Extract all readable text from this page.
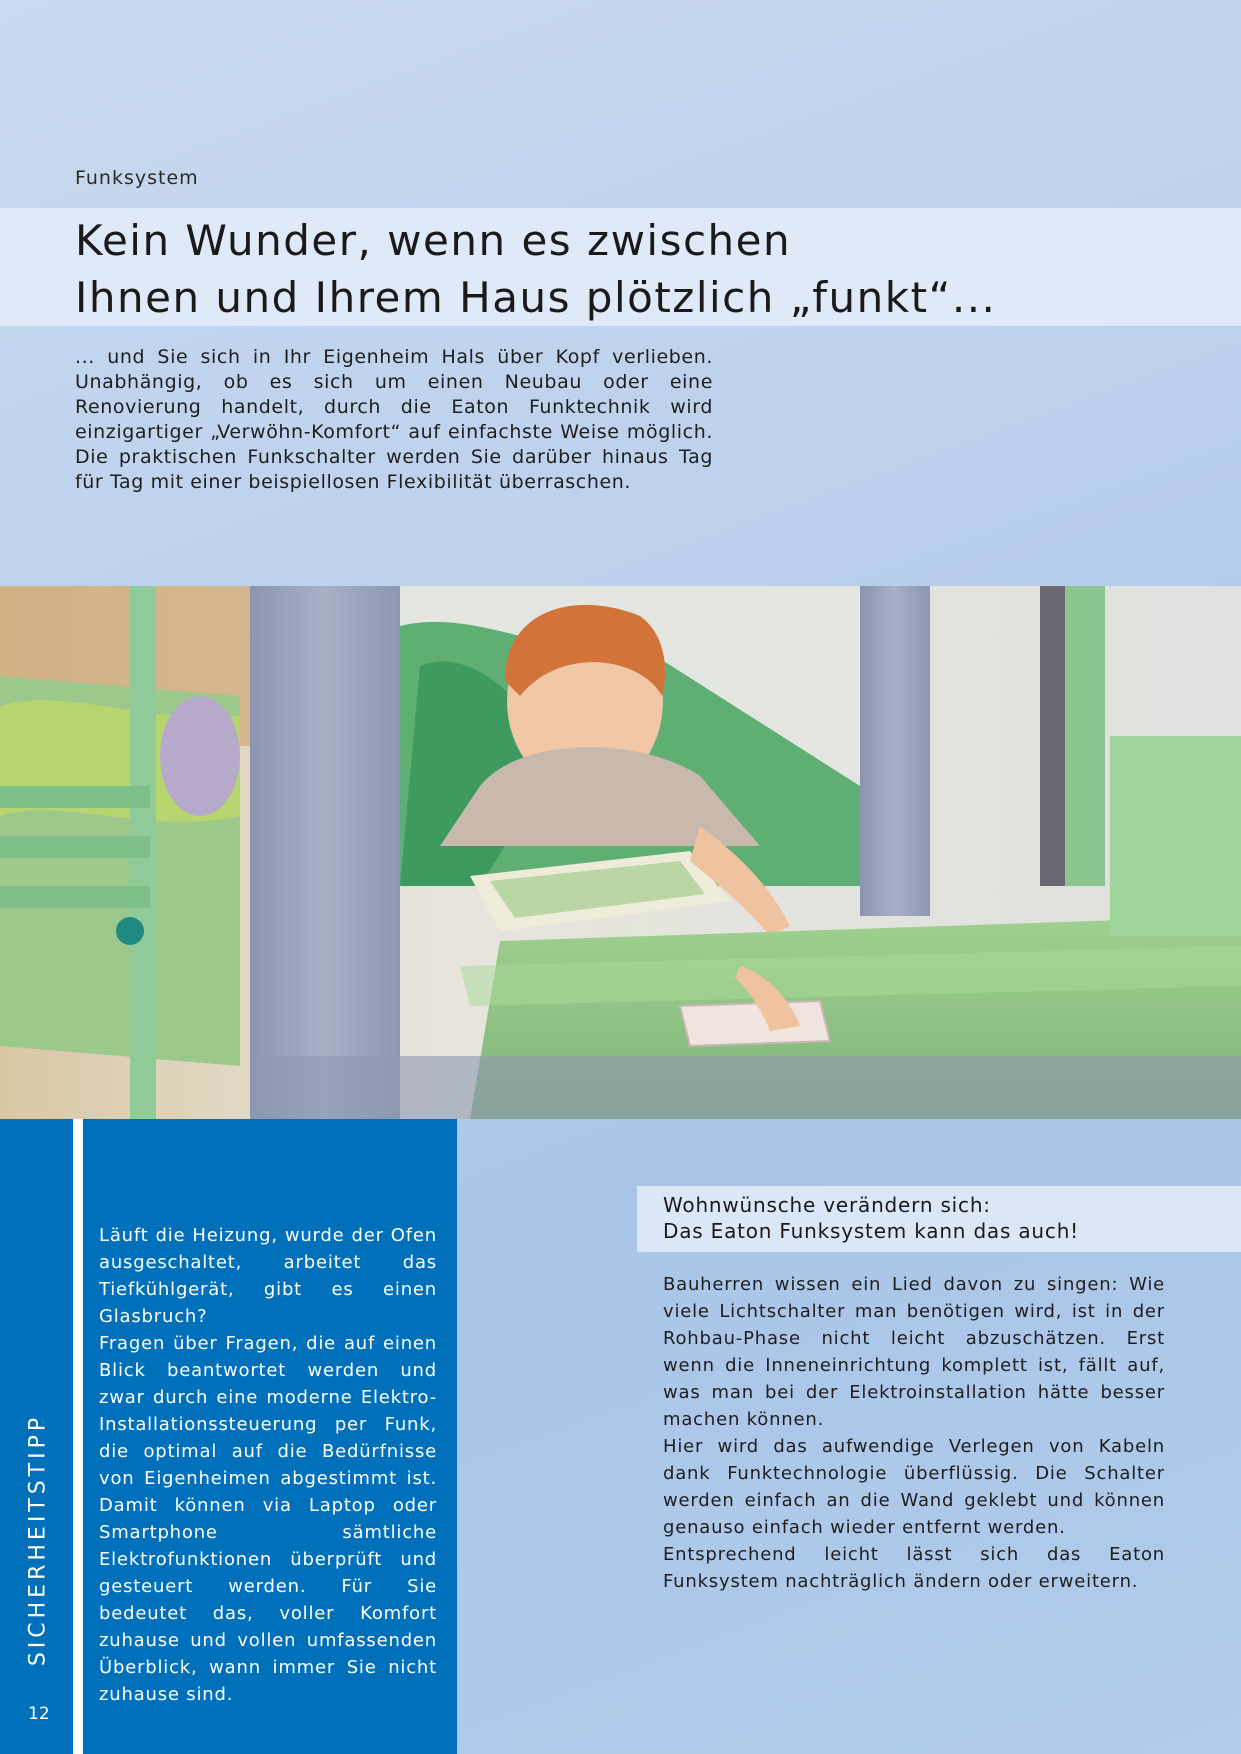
Funksystem
Kein Wunder, wenn es zwischen
Ihnen und Ihrem Haus plötzlich „funkt“...

... und Sie sich in Ihr Eigenheim Hals über Kopf verlieben. Unabhängig, ob es sich um einen Neubau oder eine Renovierung handelt, durch die Eaton Funktechnik wird einzigartiger „Verwöhn-Komfort“ auf einfachste Weise möglich. Die praktischen Funkschalter werden Sie darüber hinaus Tag für Tag mit einer beispiellosen Flexibilität überraschen.

SICHERHEITSTIPP
12

Läuft die Heizung, wurde der Ofen ausgeschaltet, arbeitet das Tiefkühlgerät, gibt es einen Glasbruch?

Fragen über Fragen, die auf einen Blick beantwortet werden und zwar durch eine moderne Elektro-Installationssteuerung per Funk, die optimal auf die Bedürfnisse von Eigenheimen abgestimmt ist. Damit können via Laptop oder Smartphone sämtliche Elektrofunktionen überprüft und gesteuert werden. Für Sie bedeutet das, voller Komfort zuhause und vollen umfassenden Überblick, wann immer Sie nicht zuhause sind.

Wohnwünsche verändern sich:
Das Eaton Funksystem kann das auch!

Bauherren wissen ein Lied davon zu singen: Wie viele Lichtschalter man benötigen wird, ist in der Rohbau-Phase nicht leicht abzuschätzen. Erst wenn die Inneneinrichtung komplett ist, fällt auf, was man bei der Elektroinstallation hätte besser machen können.

Hier wird das aufwendige Verlegen von Kabeln dank Funktechnologie überflüssig. Die Schalter werden einfach an die Wand geklebt und können genauso einfach wieder entfernt werden.

Entsprechend leicht lässt sich das Eaton Funksystem nachträglich ändern oder erweitern.
